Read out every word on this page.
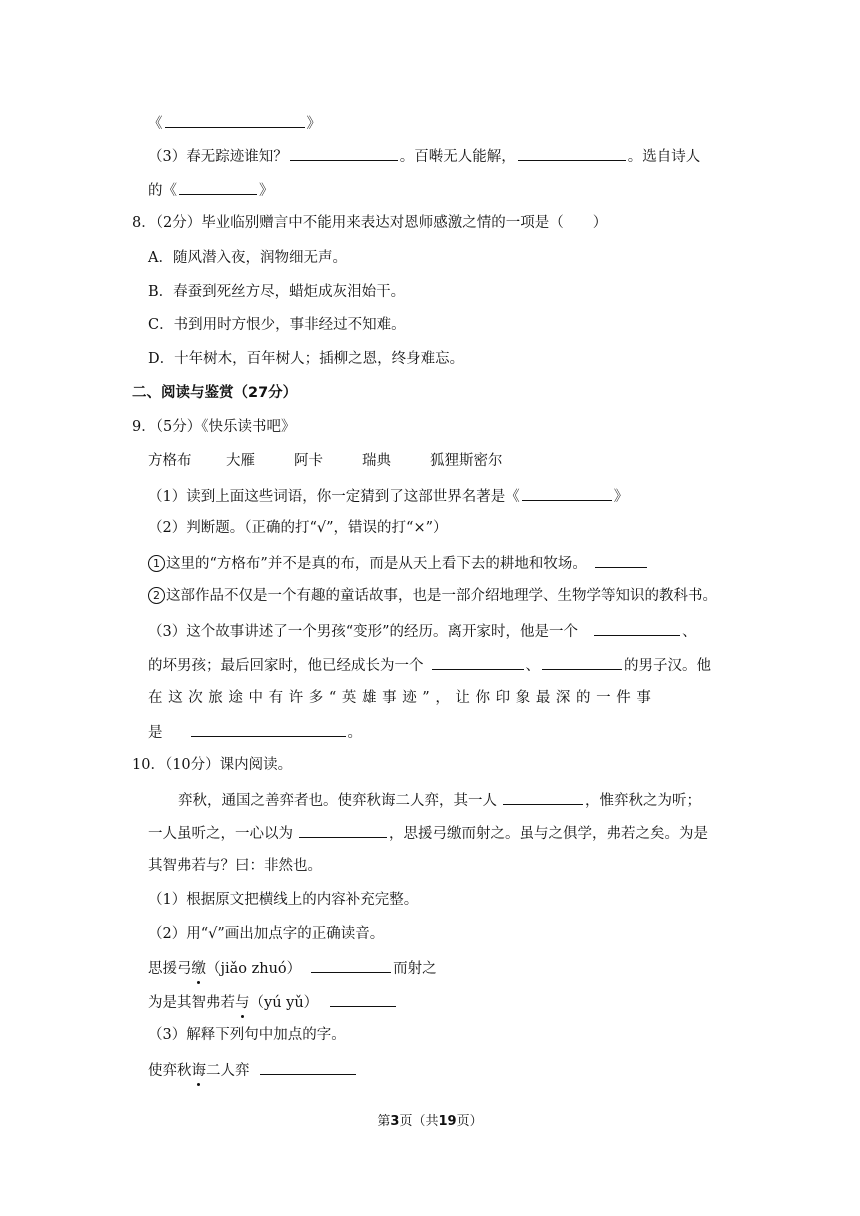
《	》
（3）春无踪迹谁知？	。百啭无人能解，	。选自诗人
的《	》
8．（2分）毕业临别赠言中不能用来表达对恩师感激之情的一项是（　　）
A．随风潜入夜，润物细无声。
B．春蚕到死丝方尽，蜡炬成灰泪始干。
C．书到用时方恨少，事非经过不知难。
D．十年树木，百年树人；插柳之恩，终身难忘。
二、阅读与鉴赏（27分）
9．（5分）《快乐读书吧》
方格布 大雁	阿卡	瑞典	狐狸斯密尔
（1）读到上面这些词语，你一定猜到了这部世界名著是《	》
（2）判断题。（正确的打“√”，错误的打“×”）
1 这里的“方格布”并不是真的布，而是从天上看下去的耕地和牧场。
2 这部作品不仅是一个有趣的童话故事，也是一部介绍地理学、生物学等知识的教科书。
（3）这个故事讲述了一个男孩“变形”的经历。离开家时，他是一个	、
的坏男孩；最后回家时，他已经成长为一个	、	的男子汉。他
在这次旅途中有许多“英雄事迹”，让你印象最深的一件事
是	。
10．（10分）课内阅读。
弈秋，通国之善弈者也。使弈秋诲二人弈，其一人	，惟弈秋之为听；
一人虽听之，一心以为	，思援弓缴而射之。虽与之俱学，弗若之矣。为是
其智弗若与？曰：非然也。
（1）根据原文把横线上的内容补充完整。
（2）用“√”画出加点字的正确读音。
思援弓缴（jiǎo zhuó）	而射之
为是其智弗若与（yú yǔ）
（3）解释下列句中加点的字。
使弈秋诲二人弈
第3页（共19页）
